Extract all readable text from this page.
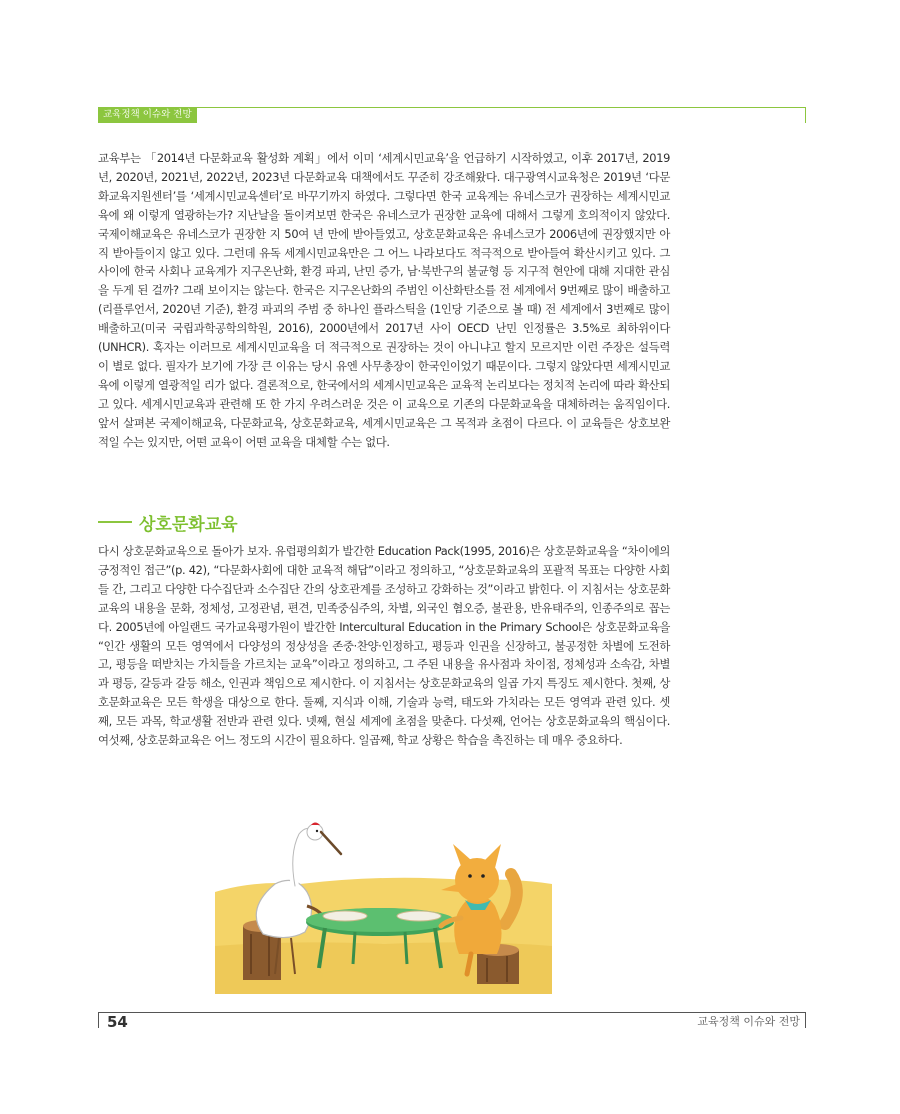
교육정책 이슈와 전망
교육부는 「2014년 다문화교육 활성화 계획」에서 이미 ‘세계시민교육’을 언급하기 시작하였고, 이후 2017년, 2019년, 2020년, 2021년, 2022년, 2023년 다문화교육 대책에서도 꾸준히 강조해왔다. 대구광역시교육청은 2019년 ‘다문화교육지원센터’를 ‘세계시민교육센터’로 바꾸기까지 하였다. 그렇다면 한국 교육계는 유네스코가 권장하는 세계시민교육에 왜 이렇게 열광하는가? 지난날을 돌이켜보면 한국은 유네스코가 권장한 교육에 대해서 그렇게 호의적이지 않았다. 국제이해교육은 유네스코가 권장한 지 50여 년 만에 받아들였고, 상호문화교육은 유네스코가 2006년에 권장했지만 아직 받아들이지 않고 있다. 그런데 유독 세계시민교육만은 그 어느 나라보다도 적극적으로 받아들여 확산시키고 있다. 그 사이에 한국 사회나 교육계가 지구온난화, 환경 파괴, 난민 증가, 남·북반구의 불균형 등 지구적 현안에 대해 지대한 관심을 두게 된 걸까? 그래 보이지는 않는다. 한국은 지구온난화의 주범인 이산화탄소를 전 세계에서 9번째로 많이 배출하고(리플루언서, 2020년 기준), 환경 파괴의 주범 중 하나인 플라스틱을 (1인당 기준으로 볼 때) 전 세계에서 3번째로 많이 배출하고(미국 국립과학공학의학원, 2016), 2000년에서 2017년 사이 OECD 난민 인정률은 3.5%로 최하위이다(UNHCR). 혹자는 이러므로 세계시민교육을 더 적극적으로 권장하는 것이 아니냐고 할지 모르지만 이런 주장은 설득력이 별로 없다. 필자가 보기에 가장 큰 이유는 당시 유엔 사무총장이 한국인이었기 때문이다. 그렇지 않았다면 세계시민교육에 이렇게 열광적일 리가 없다. 결론적으로, 한국에서의 세계시민교육은 교육적 논리보다는 정치적 논리에 따라 확산되고 있다. 세계시민교육과 관련해 또 한 가지 우려스러운 것은 이 교육으로 기존의 다문화교육을 대체하려는 움직임이다. 앞서 살펴본 국제이해교육, 다문화교육, 상호문화교육, 세계시민교육은 그 목적과 초점이 다르다. 이 교육들은 상호보완적일 수는 있지만, 어떤 교육이 어떤 교육을 대체할 수는 없다.
상호문화교육
다시 상호문화교육으로 돌아가 보자. 유럽평의회가 발간한 Education Pack(1995, 2016)은 상호문화교육을 “차이에의 긍정적인 접근”(p. 42), “다문화사회에 대한 교육적 해답”이라고 정의하고, “상호문화교육의 포괄적 목표는 다양한 사회들 간, 그리고 다양한 다수집단과 소수집단 간의 상호관계를 조성하고 강화하는 것”이라고 밝힌다. 이 지침서는 상호문화교육의 내용을 문화, 정체성, 고정관념, 편견, 민족중심주의, 차별, 외국인 혐오증, 불관용, 반유태주의, 인종주의로 꼽는다. 2005년에 아일랜드 국가교육평가원이 발간한 Intercultural Education in the Primary School은 상호문화교육을 “인간 생활의 모든 영역에서 다양성의 정상성을 존중·찬양·인정하고, 평등과 인권을 신장하고, 불공정한 차별에 도전하고, 평등을 떠받치는 가치들을 가르치는 교육”이라고 정의하고, 그 주된 내용을 유사점과 차이점, 정체성과 소속감, 차별과 평등, 갈등과 갈등 해소, 인권과 책임으로 제시한다. 이 지침서는 상호문화교육의 일곱 가지 특징도 제시한다. 첫째, 상호문화교육은 모든 학생을 대상으로 한다. 둘째, 지식과 이해, 기술과 능력, 태도와 가치라는 모든 영역과 관련 있다. 셋째, 모든 과목, 학교생활 전반과 관련 있다. 넷째, 현실 세계에 초점을 맞춘다. 다섯째, 언어는 상호문화교육의 핵심이다. 여섯째, 상호문화교육은 어느 정도의 시간이 필요하다. 일곱째, 학교 상황은 학습을 촉진하는 데 매우 중요하다.
54	교육정책 이슈와 전망
